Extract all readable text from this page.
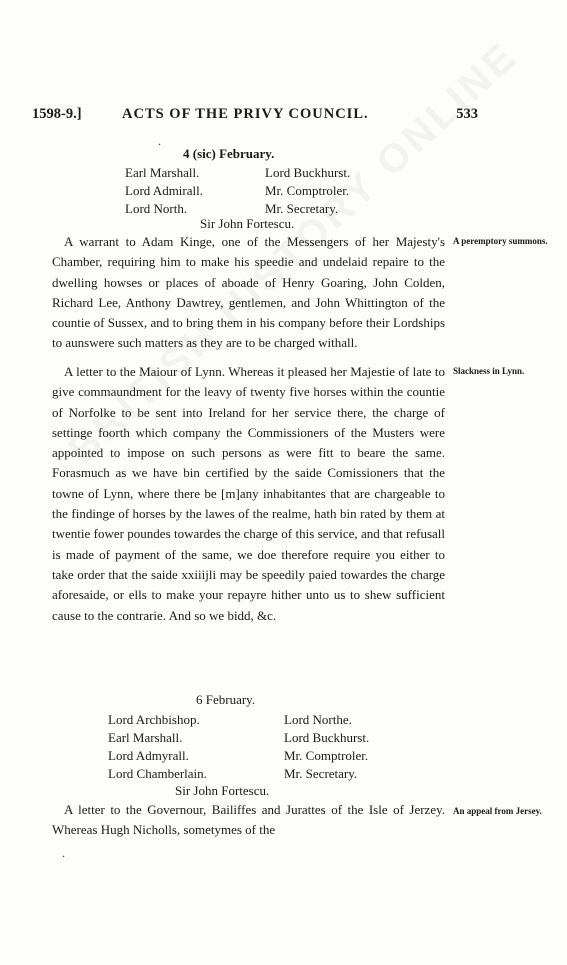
1598-9.]	ACTS OF THE PRIVY COUNCIL.	533
4 (sic) February.
Earl Marshall.	Lord Buckhurst.
Lord Admirall.	Mr. Comptroler.
Lord North.	Mr. Secretary.
Sir John Fortescu.

A warrant to Adam Kinge, one of the Messengers of her Majesty's Chamber, requiring him to make his speedie and undelaid repaire to the dwelling howses or places of aboade of Henry Goaring, John Colden, Richard Lee, Anthony Dawtrey, gentlemen, and John Whittington of the countie of Sussex, and to bring them in his company before their Lordships to aunswere such matters as they are to be charged withall.

A peremptory summons.

A letter to the Maiour of Lynn. Whereas it pleased her Majestie of late to give commaundment for the leavy of twenty five horses within the countie of Norfolke to be sent into Ireland for her service there, the charge of settinge foorth which company the Commissioners of the Musters were appointed to impose on such persons as were fitt to beare the same. Forasmuch as we have bin certified by the saide Comissioners that the towne of Lynn, where there be [m]any inhabitantes that are chargeable to the findinge of horses by the lawes of the realme, hath bin rated by them at twentie fower poundes towardes the charge of this service, and that refusall is made of payment of the same, we doe therefore require you either to take order that the saide xxiiijli may be speedily paied towardes the charge aforesaide, or ells to make your repayre hither unto us to shew sufficient cause to the contrarie. And so we bidd, &c.

Slackness in Lynn.
6 February.
Lord Archbishop.	Lord Northe.
Earl Marshall.	Lord Buckhurst.
Lord Admyrall.	Mr. Comptroler.
Lord Chamberlain.	Mr. Secretary.
Sir John Fortescu.

A letter to the Governour, Bailiffes and Jurattes of the Isle of Jerzey. Whereas Hugh Nicholls, sometymes of the

An appeal from Jersey.
·
·
